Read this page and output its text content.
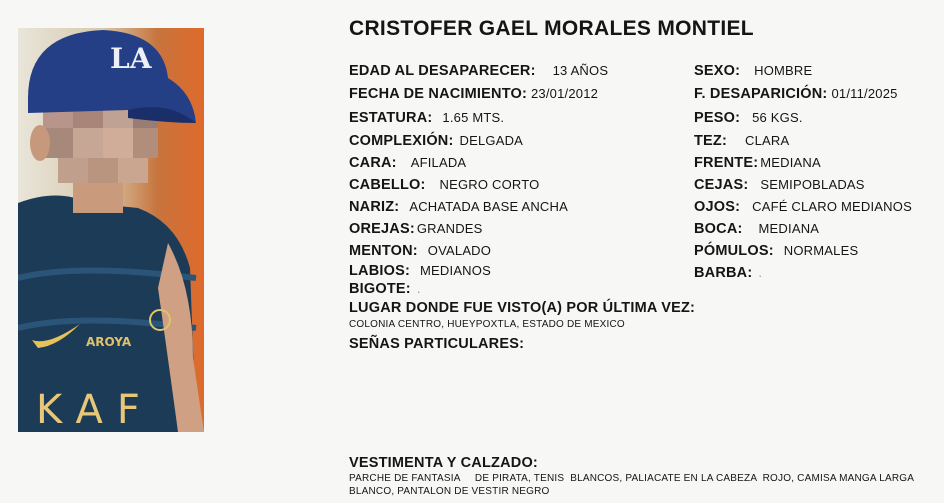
LA
AROYA
KAF
CRISTOFER GAEL MORALES MONTIEL
EDAD AL DESAPARECER: 13 AÑOS
FECHA DE NACIMIENTO: 23/01/2012
ESTATURA: 1.65 MTS.
COMPLEXIÓN: DELGADA
CARA: AFILADA
CABELLO: NEGRO CORTO
NARIZ: ACHATADA BASE ANCHA
OREJAS: GRANDES
MENTON: OVALADO
LABIOS: MEDIANOS
BIGOTE: .
SEXO: HOMBRE
F. DESAPARICIÓN: 01/11/2025
PESO: 56 KGS.
TEZ: CLARA
FRENTE: MEDIANA
CEJAS: SEMIPOBLADAS
OJOS: CAFÉ CLARO MEDIANOS
BOCA: MEDIANA
PÓMULOS: NORMALES
BARBA: .
LUGAR DONDE FUE VISTO(A) POR ÚLTIMA VEZ:
COLONIA CENTRO, HUEYPOXTLA, ESTADO DE MEXICO
SEÑAS PARTICULARES:
VESTIMENTA Y CALZADO:
PARCHE DE FANTASIA     DE PIRATA, TENIS  BLANCOS, PALIACATE EN LA CABEZA  ROJO, CAMISA MANGA LARGA
BLANCO, PANTALON DE VESTIR NEGRO
